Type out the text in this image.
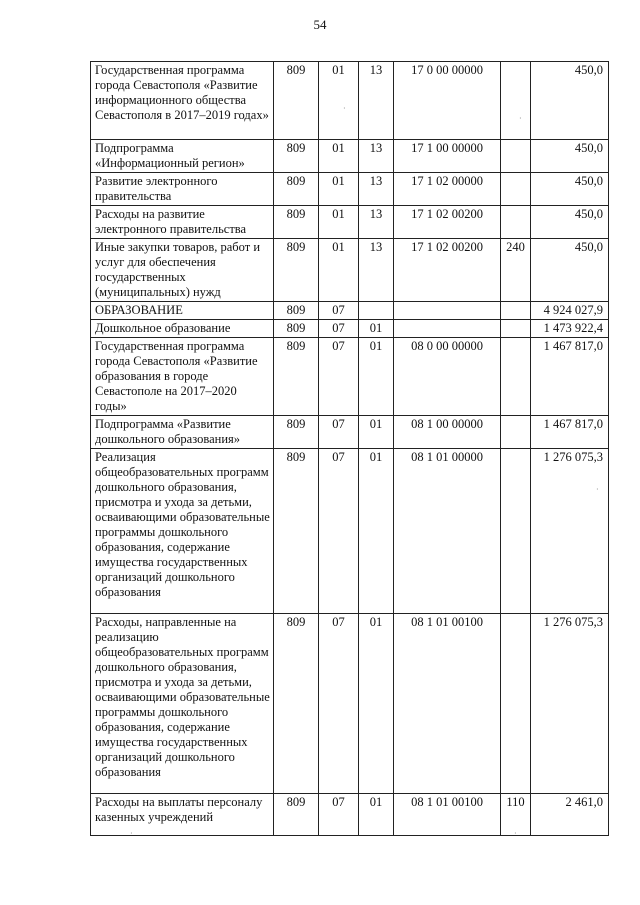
54
Государственная программа города Севастополя «Развитие информационного общества Севастополя в 2017–2019 годах»	809	01	13	17 0 00 00000		450,0
Подпрограмма «Информационный регион»	809	01	13	17 1 00 00000		450,0
Развитие электронного правительства	809	01	13	17 1 02 00000		450,0
Расходы на развитие электронного правительства	809	01	13	17 1 02 00200		450,0
Иные закупки товаров, работ и услуг для обеспечения государственных (муниципальных) нужд	809	01	13	17 1 02 00200	240	450,0
ОБРАЗОВАНИЕ	809	07				4 924 027,9
Дошкольное образование	809	07	01			1 473 922,4
Государственная программа города Севастополя «Развитие образования в городе Севастополе на 2017–2020 годы»	809	07	01	08 0 00 00000		1 467 817,0
Подпрограмма «Развитие дошкольного образования»	809	07	01	08 1 00 00000		1 467 817,0
Реализация общеобразовательных программ дошкольного образования, присмотра и ухода за детьми, осваивающими образовательные программы дошкольного образования, содержание имущества государственных организаций дошкольного образования	809	07	01	08 1 01 00000		1 276 075,3
Расходы, направленные на реализацию общеобразовательных программ дошкольного образования, присмотра и ухода за детьми, осваивающими образовательные программы дошкольного образования, содержание имущества государственных организаций дошкольного образования	809	07	01	08 1 01 00100		1 276 075,3
Расходы на выплаты персоналу казенных учреждений	809	07	01	08 1 01 00100	110	2 461,0
·
·
·
·	·
